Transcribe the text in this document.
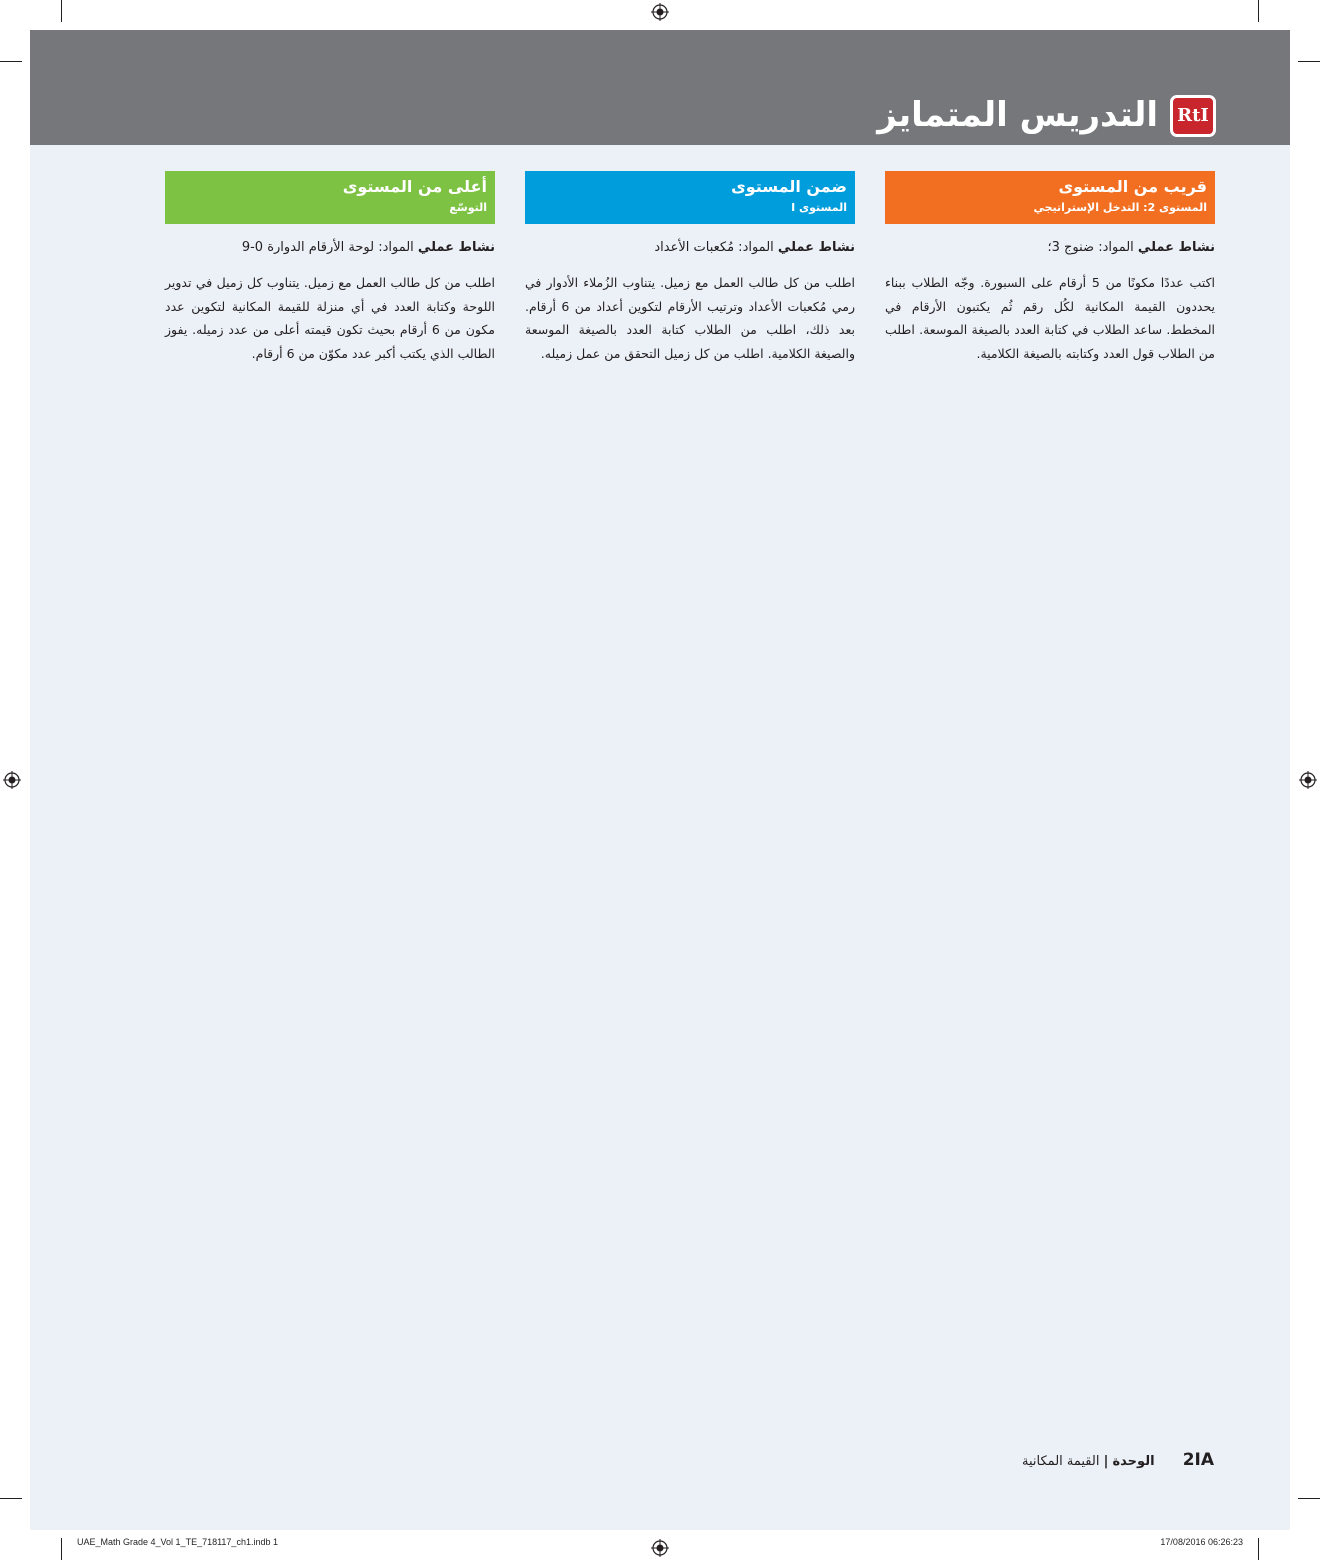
التدريس المتمايز	RtI
قريب من المستوى
المستوى 2: التدخل الإستراتيجي
نشاط عملي المواد: ضنوج 3؛
اكتب عددًا مكونًا من 5 أرقام على السبورة. وجّه الطلاب ببناء يحددون القيمة المكانية لكُل رقم ثُم يكتبون الأرقام في المخطط. ساعد الطلاب في كتابة العدد بالصيغة الموسعة. اطلب من الطلاب قول العدد وكتابته بالصيغة الكلامية.
ضمن المستوى
المستوى I
نشاط عملي المواد: مُكعبات الأعداد
اطلب من كل طالب العمل مع زميل. يتناوب الزُملاء الأدوار في رمي مُكعبات الأعداد وترتيب الأرقام لتكوين أعداد من 6 أرقام. بعد ذلك، اطلب من الطلاب كتابة العدد بالصيغة الموسعة والصيغة الكلامية. اطلب من كل زميل التحقق من عمل زميله.
أعلى من المستوى
التوسّع
نشاط عملي المواد: لوحة الأرقام الدوارة 0-9
اطلب من كل طالب العمل مع زميل. يتناوب كل زميل في تدوير اللوحة وكتابة العدد في أي منزلة للقيمة المكانية لتكوين عدد مكون من 6 أرقام بحيث تكون قيمته أعلى من عدد زميله. يفوز الطالب الذي يكتب أكبر عدد مكوّن من 6 أرقام.
2IA الوحدة | القيمة المكانية
UAE_Math Grade 4_Vol 1_TE_718117_ch1.indb 1	17/08/2016 06:26:23
